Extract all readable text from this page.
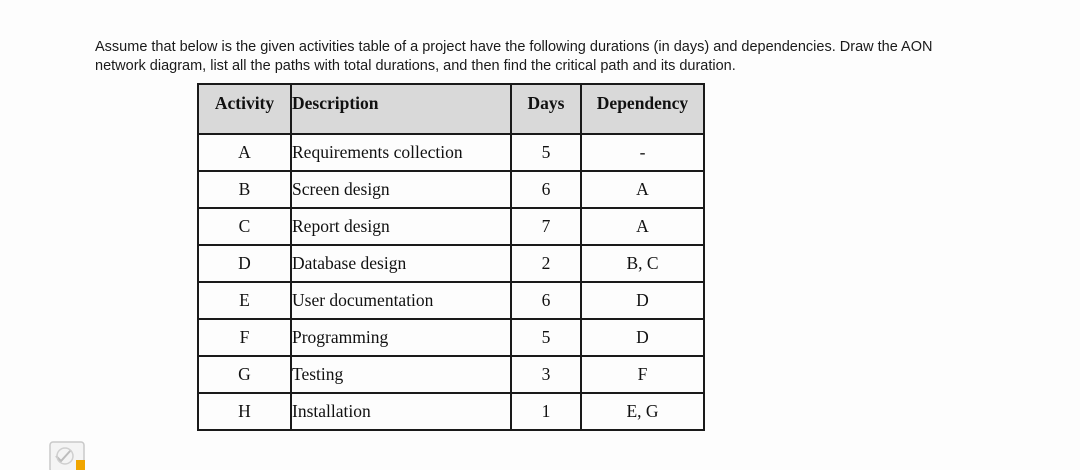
Assume that below is the given activities table of a project have the following durations (in days) and dependencies. Draw the AON

network diagram, list all the paths with total durations, and then find the critical path and its duration.

Activity	Description	Days	Dependency
A	Requirements collection	5	-
B	Screen design	6	A
C	Report design	7	A
D	Database design	2	B, C
E	User documentation	6	D
F	Programming	5	D
G	Testing	3	F
H	Installation	1	E, G
